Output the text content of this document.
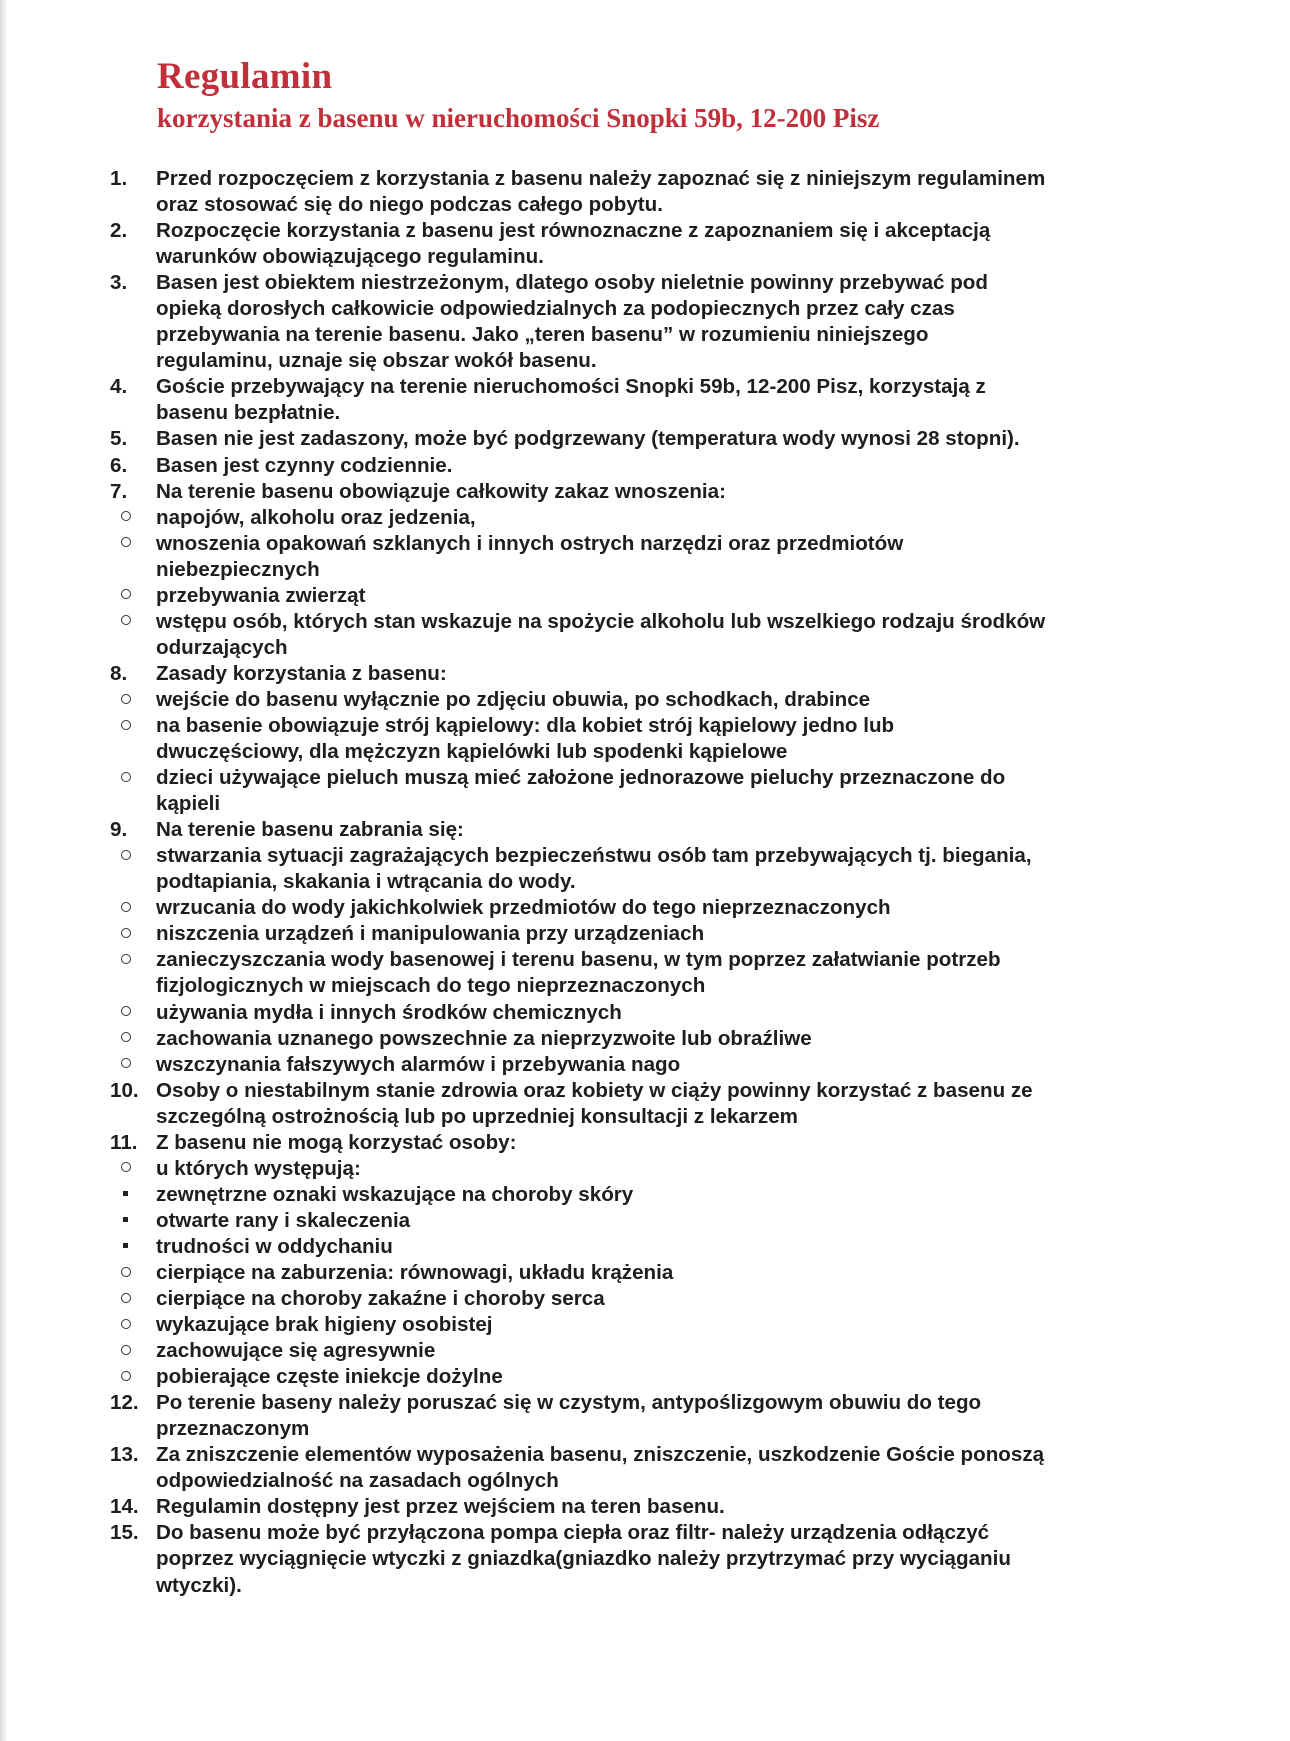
Regulamin
korzystania z basenu w nieruchomości Snopki 59b, 12-200 Pisz
1.	Przed rozpoczęciem z korzystania z basenu należy zapoznać się z niniejszym regulaminem
oraz stosować się do niego podczas całego pobytu.
2.	Rozpoczęcie korzystania z basenu jest równoznaczne z zapoznaniem się i akceptacją
warunków obowiązującego regulaminu.
3.	Basen jest obiektem niestrzeżonym, dlatego osoby nieletnie powinny przebywać pod
opieką dorosłych całkowicie odpowiedzialnych za podopiecznych przez cały czas
przebywania na terenie basenu. Jako „teren basenu” w rozumieniu niniejszego
regulaminu, uznaje się obszar wokół basenu.
4.	Goście przebywający na terenie nieruchomości Snopki 59b, 12-200 Pisz, korzystają z
basenu bezpłatnie.
5.	Basen nie jest zadaszony, może być podgrzewany (temperatura wody wynosi 28 stopni).
6.	Basen jest czynny codziennie.
7.	Na terenie basenu obowiązuje całkowity zakaz wnoszenia:
napojów, alkoholu oraz jedzenia,
wnoszenia opakowań szklanych i innych ostrych narzędzi oraz przedmiotów
niebezpiecznych
przebywania zwierząt
wstępu osób, których stan wskazuje na spożycie alkoholu lub wszelkiego rodzaju środków
odurzających
8.	Zasady korzystania z basenu:
wejście do basenu wyłącznie po zdjęciu obuwia, po schodkach, drabince
na basenie obowiązuje strój kąpielowy: dla kobiet strój kąpielowy jedno lub
dwuczęściowy, dla mężczyzn kąpielówki lub spodenki kąpielowe
dzieci używające pieluch muszą mieć założone jednorazowe pieluchy przeznaczone do
kąpieli
9.	Na terenie basenu zabrania się:
stwarzania sytuacji zagrażających bezpieczeństwu osób tam przebywających tj. biegania,
podtapiania, skakania i wtrącania do wody.
wrzucania do wody jakichkolwiek przedmiotów do tego nieprzeznaczonych
niszczenia urządzeń i manipulowania przy urządzeniach
zanieczyszczania wody basenowej i terenu basenu, w tym poprzez załatwianie potrzeb
fizjologicznych w miejscach do tego nieprzeznaczonych
używania mydła i innych środków chemicznych
zachowania uznanego powszechnie za nieprzyzwoite lub obraźliwe
wszczynania fałszywych alarmów i przebywania nago
10. Osoby o niestabilnym stanie zdrowia oraz kobiety w ciąży powinny korzystać z basenu ze
szczególną ostrożnością lub po uprzedniej konsultacji z lekarzem
11. Z basenu nie mogą korzystać osoby:
u których występują:
zewnętrzne oznaki wskazujące na choroby skóry
otwarte rany i skaleczenia
trudności w oddychaniu
cierpiące na zaburzenia: równowagi, układu krążenia
cierpiące na choroby zakaźne i choroby serca
wykazujące brak higieny osobistej
zachowujące się agresywnie
pobierające częste iniekcje dożylne
12. Po terenie baseny należy poruszać się w czystym, antypoślizgowym obuwiu do tego
przeznaczonym
13. Za zniszczenie elementów wyposażenia basenu, zniszczenie, uszkodzenie Goście ponoszą
odpowiedzialność na zasadach ogólnych
14. Regulamin dostępny jest przez wejściem na teren basenu.
15. Do basenu może być przyłączona pompa ciepła oraz filtr- należy urządzenia odłączyć
poprzez wyciągnięcie wtyczki z gniazdka(gniazdko należy przytrzymać przy wyciąganiu
wtyczki).
